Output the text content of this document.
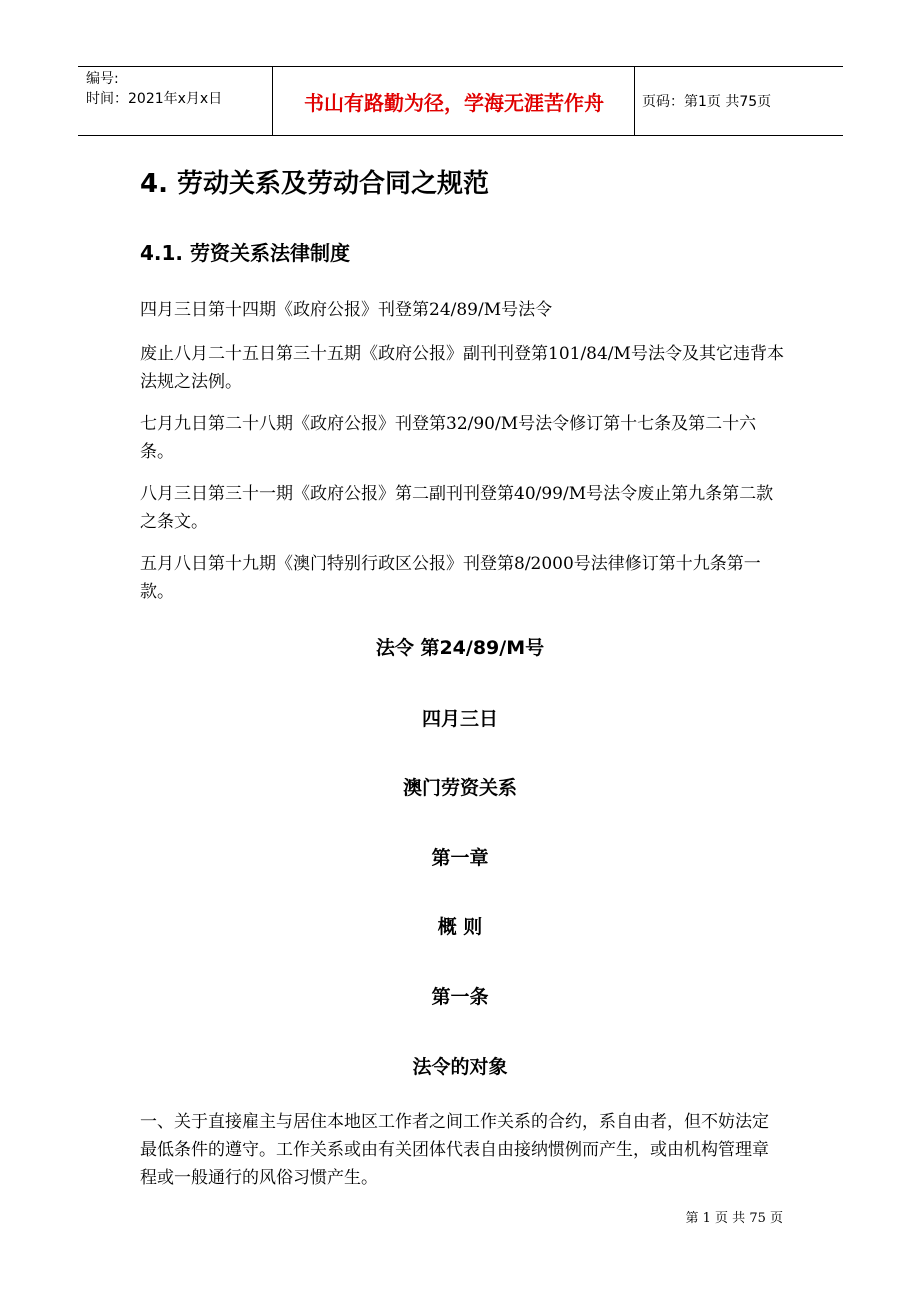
编号:
时间：2021年x月x日	书山有路勤为径，学海无涯苦作舟	页码：第1页 共75页
4. 劳动关系及劳动合同之规范
4.1. 劳资关系法律制度
四月三日第十四期《政府公报》刊登第24/89/M号法令
废止八月二十五日第三十五期《政府公报》副刊刊登第101/84/M号法令及其它违背本法规之法例。
七月九日第二十八期《政府公报》刊登第32/90/M号法令修订第十七条及第二十六条。
八月三日第三十一期《政府公报》第二副刊刊登第40/99/M号法令废止第九条第二款之条文。
五月八日第十九期《澳门特别行政区公报》刊登第8/2000号法律修订第十九条第一款。
法令 第24/89/M号
四月三日
澳门劳资关系
第一章
概 则
第一条
法令的对象
一、关于直接雇主与居住本地区工作者之间工作关系的合约，系自由者，但不妨法定最低条件的遵守。工作关系或由有关团体代表自由接纳惯例而产生，或由机构管理章程或一般通行的风俗习惯产生。
第 1 页 共 75 页
